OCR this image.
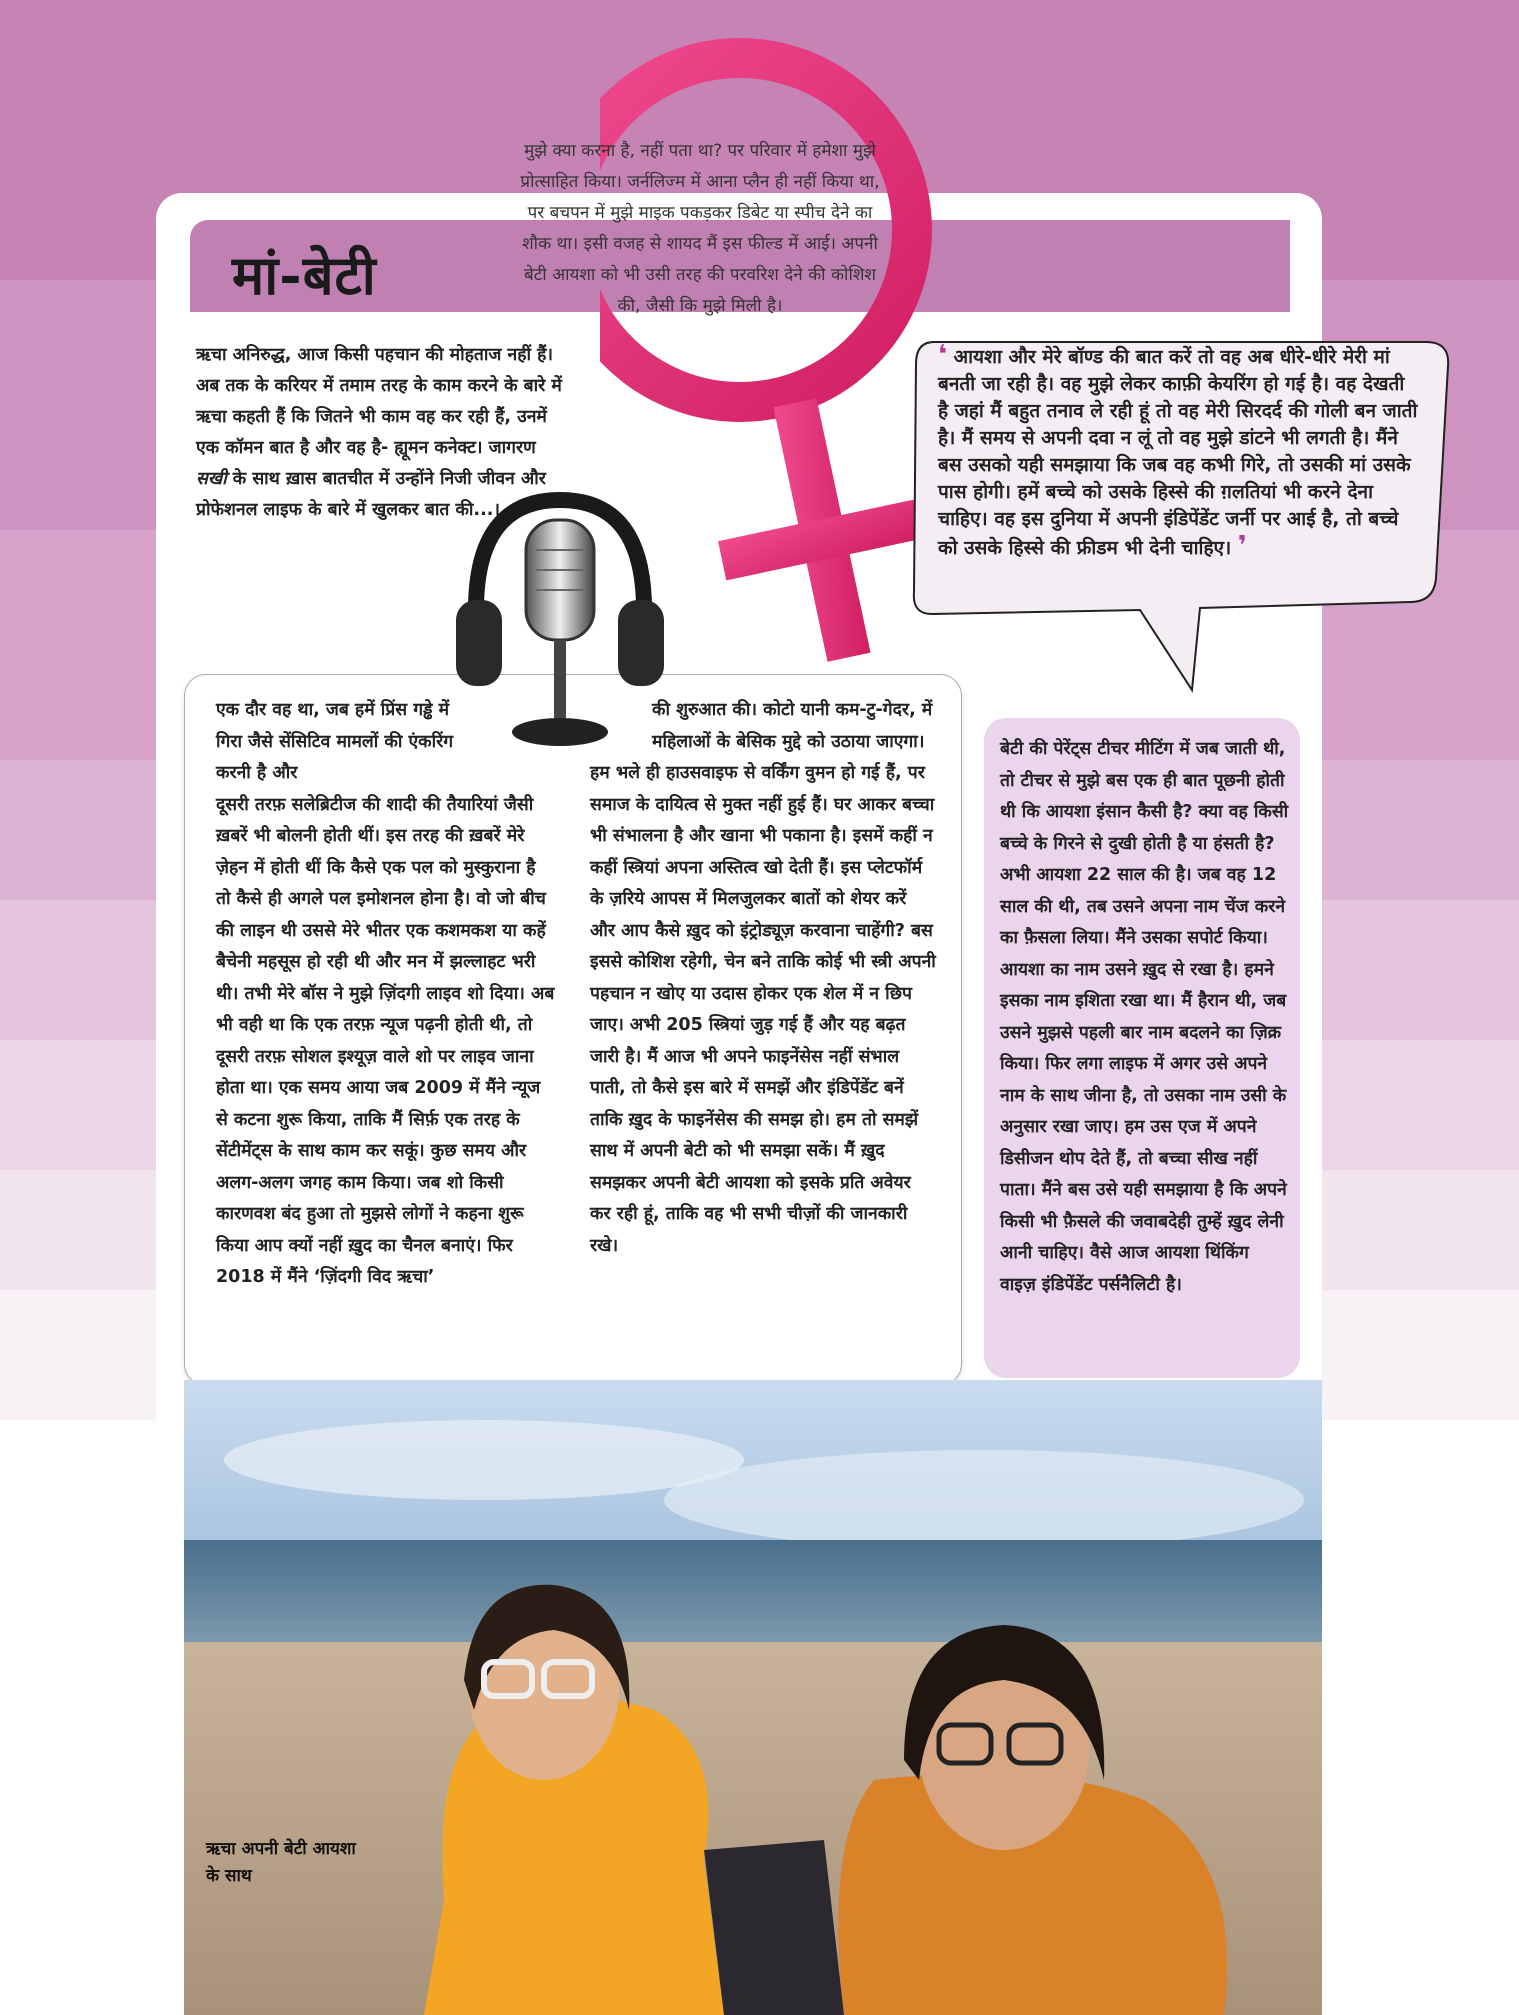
मां-बेटी
मुझे क्या करना है, नहीं पता था? पर परिवार में हमेशा मुझे प्रोत्साहित किया। जर्नलिज्म में आना प्लैन ही नहीं किया था, पर बचपन में मुझे माइक पकड़कर डिबेट या स्पीच देने का शौक था। इसी वजह से शायद मैं इस फील्ड में आई। अपनी बेटी आयशा को भी उसी तरह की परवरिश देने की कोशिश की, जैसी कि मुझे मिली है।
ऋचा अनिरुद्ध, आज किसी पहचान की मोहताज नहीं हैं। अब तक के करियर में तमाम तरह के काम करने के बारे में ऋचा कहती हैं कि जितने भी काम वह कर रही हैं, उनमें एक कॉमन बात है और वह है- ह्यूमन कनेक्ट। जागरण सखी के साथ ख़ास बातचीत में उन्होंने निजी जीवन और प्रोफेशनल लाइफ के बारे में खुलकर बात की...।
❛ आयशा और मेरे बॉण्ड की बात करें तो वह अब धीरे-धीरे मेरी मां बनती जा रही है। वह मुझे लेकर काफ़ी केयरिंग हो गई है। वह देखती है जहां मैं बहुत तनाव ले रही हूं तो वह मेरी सिरदर्द की गोली बन जाती है। मैं समय से अपनी दवा न लूं तो वह मुझे डांटने भी लगती है। मैंने बस उसको यही समझाया कि जब वह कभी गिरे, तो उसकी मां उसके पास होगी। हमें बच्चे को उसके हिस्से की ग़लतियां भी करने देना चाहिए। वह इस दुनिया में अपनी इंडिपेंडेंट जर्नी पर आई है, तो बच्चे को उसके हिस्से की फ्रीडम भी देनी चाहिए। ❜
एक दौर वह था, जब हमें प्रिंस गड्ढे में गिरा जैसे सेंसिटिव मामलों की एंकरिंग करनी है और
दूसरी तरफ़ सलेब्रिटीज की शादी की तैयारियां जैसी ख़बरें भी बोलनी होती थीं। इस तरह की ख़बरें मेरे ज़ेहन में होती थीं कि कैसे एक पल को मुस्कुराना है तो कैसे ही अगले पल इमोशनल होना है। वो जो बीच की लाइन थी उससे मेरे भीतर एक कशमकश या कहें बैचेनी महसूस हो रही थी और मन में झल्लाहट भरी थी। तभी मेरे बॉस ने मुझे ज़िंदगी लाइव शो दिया। अब भी वही था कि एक तरफ़ न्यूज पढ़नी होती थी, तो दूसरी तरफ़ सोशल इश्यूज़ वाले शो पर लाइव जाना होता था। एक समय आया जब 2009 में मैंने न्यूज से कटना शुरू किया, ताकि मैं सिर्फ़ एक तरह के सेंटीमेंट्स के साथ काम कर सकूं। कुछ समय और अलग-अलग जगह काम किया। जब शो किसी कारणवश बंद हुआ तो मुझसे लोगों ने कहना शुरू किया आप क्यों नहीं ख़ुद का चैनल बनाएं। फिर 2018 में मैंने ‘ज़िंदगी विद ऋचा’
की शुरुआत की। कोटो यानी कम-टु-गेदर, में महिलाओं के बेसिक मुद्दे को उठाया जाएगा।
हम भले ही हाउसवाइफ से वर्किंग वुमन हो गई हैं, पर समाज के दायित्व से मुक्त नहीं हुई हैं। घर आकर बच्चा भी संभालना है और खाना भी पकाना है। इसमें कहीं न कहीं स्त्रियां अपना अस्तित्व खो देती हैं। इस प्लेटफॉर्म के ज़रिये आपस में मिलजुलकर बातों को शेयर करें और आप कैसे ख़ुद को इंट्रोड्यूज़ करवाना चाहेंगी? बस इससे कोशिश रहेगी, चेन बने ताकि कोई भी स्त्री अपनी पहचान न खोए या उदास होकर एक शेल में न छिप जाए। अभी 205 स्त्रियां जुड़ गई हैं और यह बढ़त जारी है। मैं आज भी अपने फाइनेंसेस नहीं संभाल पाती, तो कैसे इस बारे में समझें और इंडिपेंडेंट बनें ताकि ख़ुद के फाइनेंसेस की समझ हो। हम तो समझें साथ में अपनी बेटी को भी समझा सकें। मैं ख़ुद समझकर अपनी बेटी आयशा को इसके प्रति अवेयर कर रही हूं, ताकि वह भी सभी चीज़ों की जानकारी रखे।
बेटी की पेरेंट्स टीचर मीटिंग में जब जाती थी, तो टीचर से मुझे बस एक ही बात पूछनी होती थी कि आयशा इंसान कैसी है? क्या वह किसी बच्चे के गिरने से दुखी होती है या हंसती है? अभी आयशा 22 साल की है। जब वह 12 साल की थी, तब उसने अपना नाम चेंज करने का फ़ैसला लिया। मैंने उसका सपोर्ट किया। आयशा का नाम उसने ख़ुद से रखा है। हमने इसका नाम इशिता रखा था। मैं हैरान थी, जब उसने मुझसे पहली बार नाम बदलने का ज़िक्र किया। फिर लगा लाइफ में अगर उसे अपने नाम के साथ जीना है, तो उसका नाम उसी के अनुसार रखा जाए। हम उस एज में अपने डिसीजन थोप देते हैं, तो बच्चा सीख नहीं पाता। मैंने बस उसे यही समझाया है कि अपने किसी भी फ़ैसले की जवाबदेही तुम्हें ख़ुद लेनी आनी चाहिए। वैसे आज आयशा थिंकिंग वाइज़ इंडिपेंडेंट पर्सनैलिटी है।
ऋचा अपनी बेटी आयशा के साथ
